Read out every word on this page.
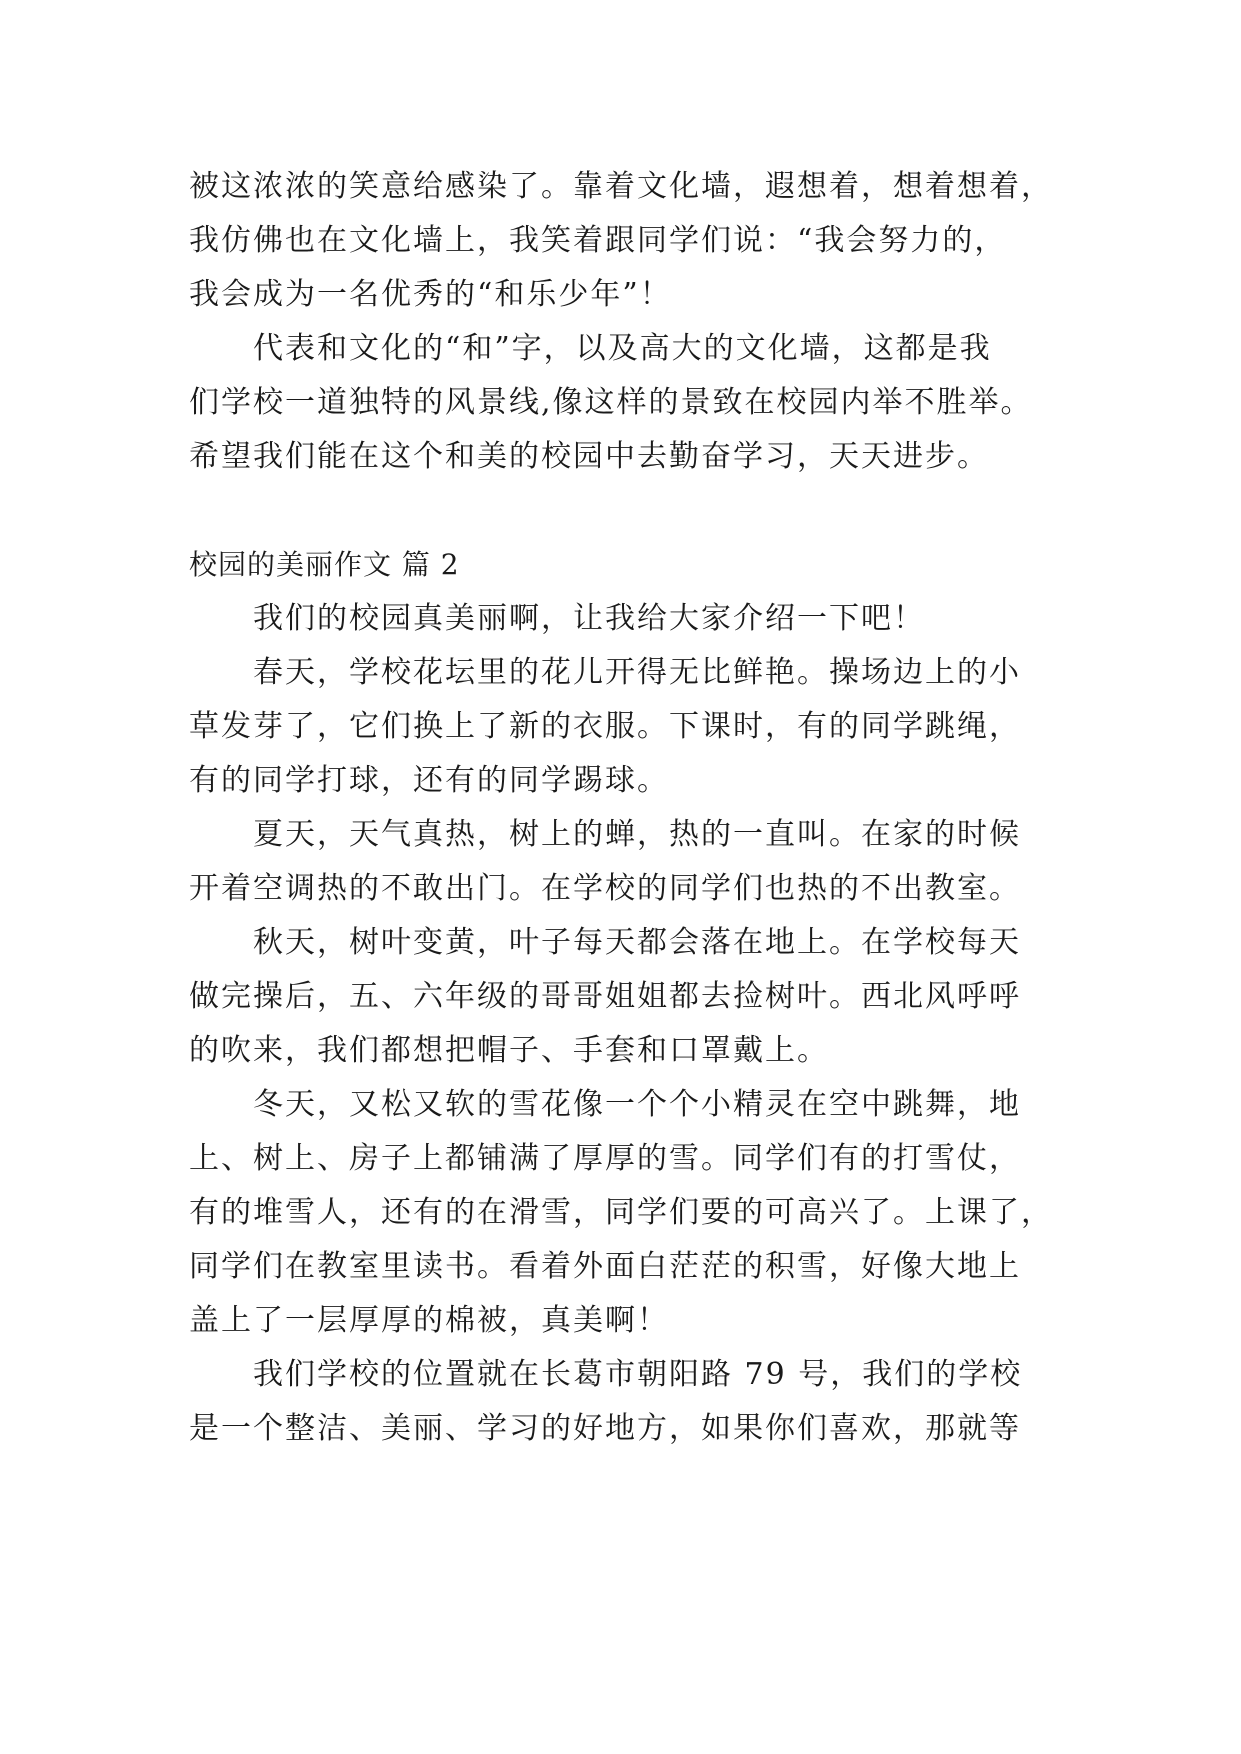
被这浓浓的笑意给感染了。靠着文化墙，遐想着，想着想着，
我仿佛也在文化墙上，我笑着跟同学们说：“我会努力的，
我会成为一名优秀的“和乐少年”！
代表和文化的“和”字，以及高大的文化墙，这都是我
们学校一道独特的风景线,像这样的景致在校园内举不胜举。
希望我们能在这个和美的校园中去勤奋学习，天天进步。
校园的美丽作文 篇 2
我们的校园真美丽啊，让我给大家介绍一下吧！
春天，学校花坛里的花儿开得无比鲜艳。操场边上的小
草发芽了，它们换上了新的衣服。下课时，有的同学跳绳，
有的同学打球，还有的同学踢球。
夏天，天气真热，树上的蝉，热的一直叫。在家的时候
开着空调热的不敢出门。在学校的同学们也热的不出教室。
秋天，树叶变黄，叶子每天都会落在地上。在学校每天
做完操后，五、六年级的哥哥姐姐都去捡树叶。西北风呼呼
的吹来，我们都想把帽子、手套和口罩戴上。
冬天，又松又软的雪花像一个个小精灵在空中跳舞，地
上、树上、房子上都铺满了厚厚的雪。同学们有的打雪仗，
有的堆雪人，还有的在滑雪，同学们要的可高兴了。上课了，
同学们在教室里读书。看着外面白茫茫的积雪，好像大地上
盖上了一层厚厚的棉被，真美啊！
我们学校的位置就在长葛市朝阳路 79 号，我们的学校
是一个整洁、美丽、学习的好地方，如果你们喜欢，那就等
